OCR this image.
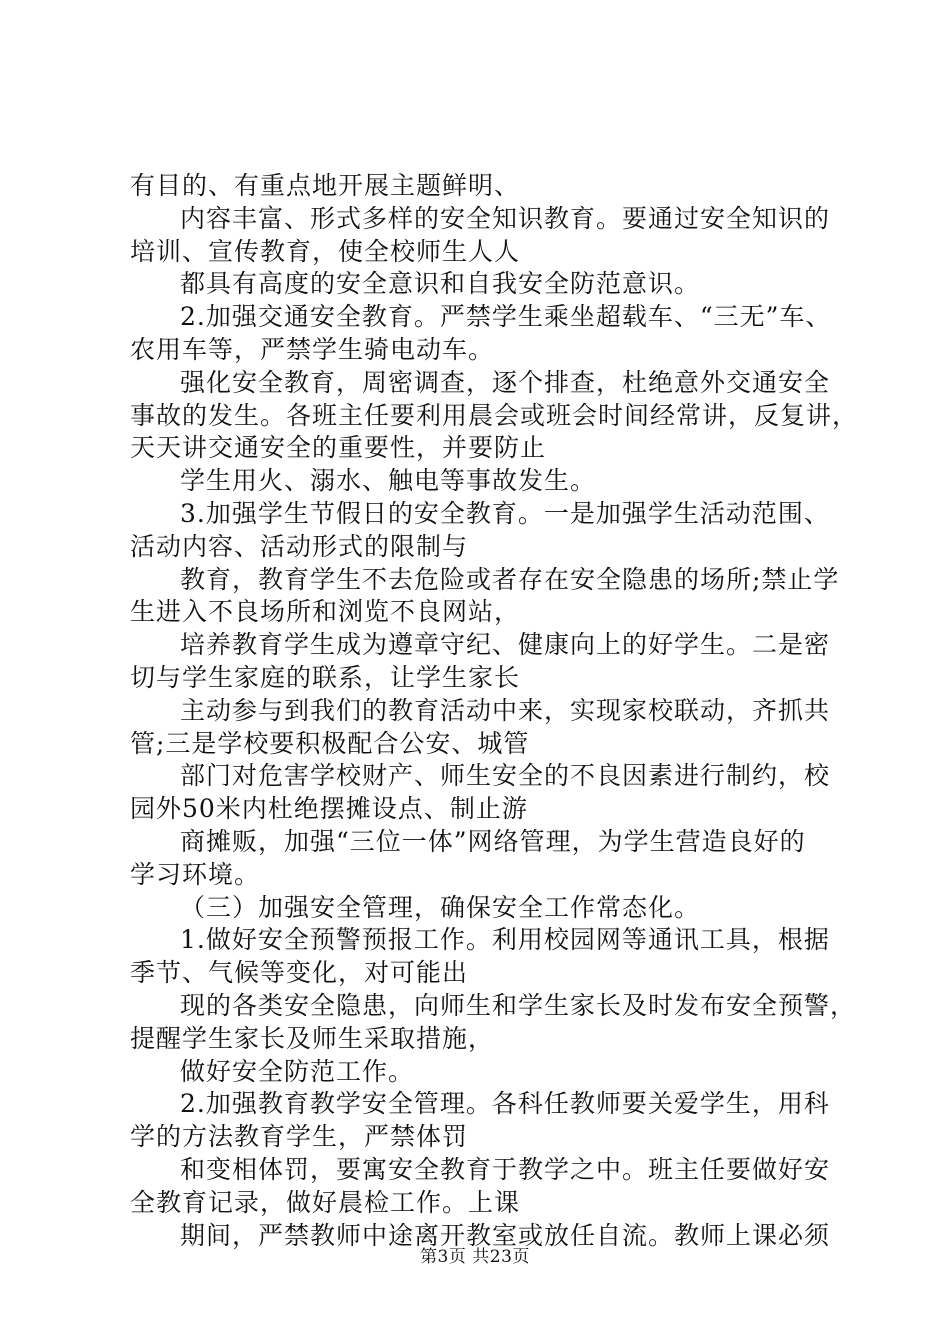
有目的、有重点地开展主题鲜明、
内容丰富、形式多样的安全知识教育。要通过安全知识的
培训、宣传教育，使全校师生人人
都具有高度的安全意识和自我安全防范意识。
2.加强交通安全教育。严禁学生乘坐超载车、“三无”车、
农用车等，严禁学生骑电动车。
强化安全教育，周密调查，逐个排查，杜绝意外交通安全
事故的发生。各班主任要利用晨会或班会时间经常讲，反复讲，
天天讲交通安全的重要性，并要防止
学生用火、溺水、触电等事故发生。
3.加强学生节假日的安全教育。一是加强学生活动范围、
活动内容、活动形式的限制与
教育，教育学生不去危险或者存在安全隐患的场所;禁止学
生进入不良场所和浏览不良网站，
培养教育学生成为遵章守纪、健康向上的好学生。二是密
切与学生家庭的联系，让学生家长
主动参与到我们的教育活动中来，实现家校联动，齐抓共
管;三是学校要积极配合公安、城管
部门对危害学校财产、师生安全的不良因素进行制约，校
园外50米内杜绝摆摊设点、制止游
商摊贩，加强“三位一体”网络管理，为学生营造良好的
学习环境。
（三）加强安全管理，确保安全工作常态化。
1.做好安全预警预报工作。利用校园网等通讯工具，根据
季节、气候等变化，对可能出
现的各类安全隐患，向师生和学生家长及时发布安全预警，
提醒学生家长及师生采取措施，
做好安全防范工作。
2.加强教育教学安全管理。各科任教师要关爱学生，用科
学的方法教育学生，严禁体罚
和变相体罚，要寓安全教育于教学之中。班主任要做好安
全教育记录，做好晨检工作。上课
期间，严禁教师中途离开教室或放任自流。教师上课必须
第3页 共23页
